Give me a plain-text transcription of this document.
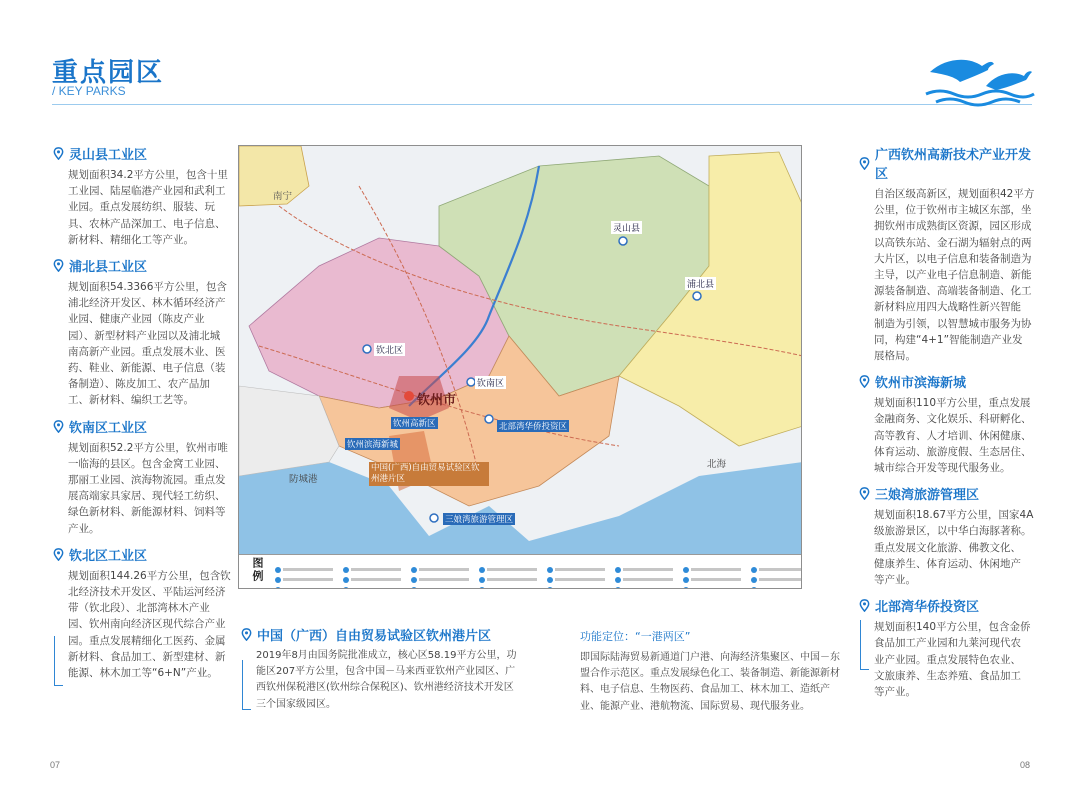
重点园区
/ KEY PARKS
灵山县工业区
规划面积34.2平方公里，包含十里
工业园、陆屋临港产业园和武利工
业园。重点发展纺织、服装、玩
具、农林产品深加工、电子信息、
新材料、精细化工等产业。
浦北县工业区
规划面积54.3366平方公里，包含
浦北经济开发区、林木循环经济产
业园、健康产业园（陈皮产业
园）、新型材料产业园以及浦北城
南高新产业园。重点发展木业、医
药、鞋业、新能源、电子信息（装
备制造）、陈皮加工、农产品加
工、新材料、编织工艺等。
钦南区工业区
规划面积52.2平方公里，钦州市唯
一临海的县区。包含金窝工业园、
那丽工业园、滨海物流园。重点发
展高端家具家居、现代轻工纺织、
绿色新材料、新能源材料、饲料等
产业。
钦北区工业区
规划面积144.26平方公里，包含钦
北经济技术开发区、平陆运河经济
带（钦北段）、北部湾林木产业
园、钦州南向经济区现代综合产业
园。重点发展精细化工医药、金属
新材料、食品加工、新型建材、新
能源、林木加工等“6+N”产业。
南宁
灵山县
浦北县
钦北区
钦南区
钦州市
钦州高新区	北部湾华侨投资区
钦州滨海新城
中国(广西)自由贸易试验区钦州港片区
防城港
北海
三娘湾旅游管理区
图例
广西钦州高新技术产业开发区
自治区级高新区，规划面积42平方
公里，位于钦州市主城区东部，坐
拥钦州市成熟街区资源，园区形成
以高铁东站、金石湖为辐射点的两
大片区，以电子信息和装备制造为
主导，以产业电子信息制造、新能
源装备制造、高端装备制造、化工
新材料应用四大战略性新兴智能
制造为引领，以智慧城市服务为协
同，构建“4+1”智能制造产业发
展格局。
钦州市滨海新城
规划面积110平方公里，重点发展
金融商务、文化娱乐、科研孵化、
高等教育、人才培训、休闲健康、
体育运动、旅游度假、生态居住、
城市综合开发等现代服务业。
三娘湾旅游管理区
规划面积18.67平方公里，国家4A
级旅游景区，以中华白海豚著称。
重点发展文化旅游、佛教文化、
健康养生、体育运动、休闲地产
等产业。
北部湾华侨投资区
规划面积140平方公里，包含金侨
食品加工产业园和九莱河现代农
业产业园。重点发展特色农业、
文旅康养、生态养殖、食品加工
等产业。
中国（广西）自由贸易试验区钦州港片区
2019年8月由国务院批准成立，核心区58.19平方公里，功
能区207平方公里，包含中国－马来西亚钦州产业园区、广
西钦州保税港区(钦州综合保税区)、钦州港经济技术开发区
三个国家级园区。
功能定位：“一港两区”
即国际陆海贸易新通道门户港、向海经济集聚区、中国－东
盟合作示范区。重点发展绿色化工、装备制造、新能源新材
料、电子信息、生物医药、食品加工、林木加工、造纸产
业、能源产业、港航物流、国际贸易、现代服务业。
07	08
